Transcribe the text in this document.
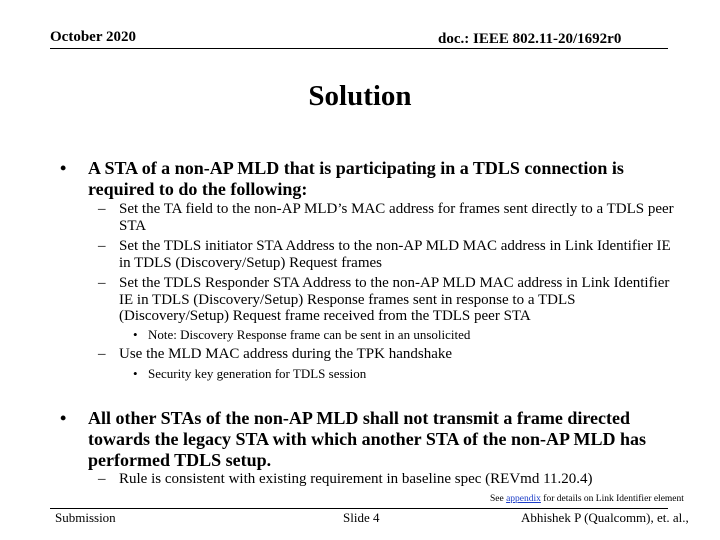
October 2020	doc.: IEEE 802.11-20/1692r0
Solution
• A STA of a non-AP MLD that is participating in a TDLS connection is required to do the following:
– Set the TA field to the non-AP MLD’s MAC address for frames sent directly to a TDLS peer STA
– Set the TDLS initiator STA Address to the non-AP MLD MAC address in Link Identifier IE in TDLS (Discovery/Setup) Request frames
– Set the TDLS Responder STA Address to the non-AP MLD MAC address in Link Identifier IE in TDLS (Discovery/Setup) Response frames sent in response to a TDLS (Discovery/Setup) Request frame received from the TDLS peer STA
• Note: Discovery Response frame can be sent in an unsolicited
– Use the MLD MAC address during the TPK handshake
• Security key generation for TDLS session
• All other STAs of the non-AP MLD shall not transmit a frame directed towards the legacy STA with which another STA of the non-AP MLD has performed TDLS setup.
– Rule is consistent with existing requirement in baseline spec (REVmd 11.20.4)
See appendix for details on Link Identifier element
Submission	Slide 4	Abhishek P (Qualcomm), et. al.,
